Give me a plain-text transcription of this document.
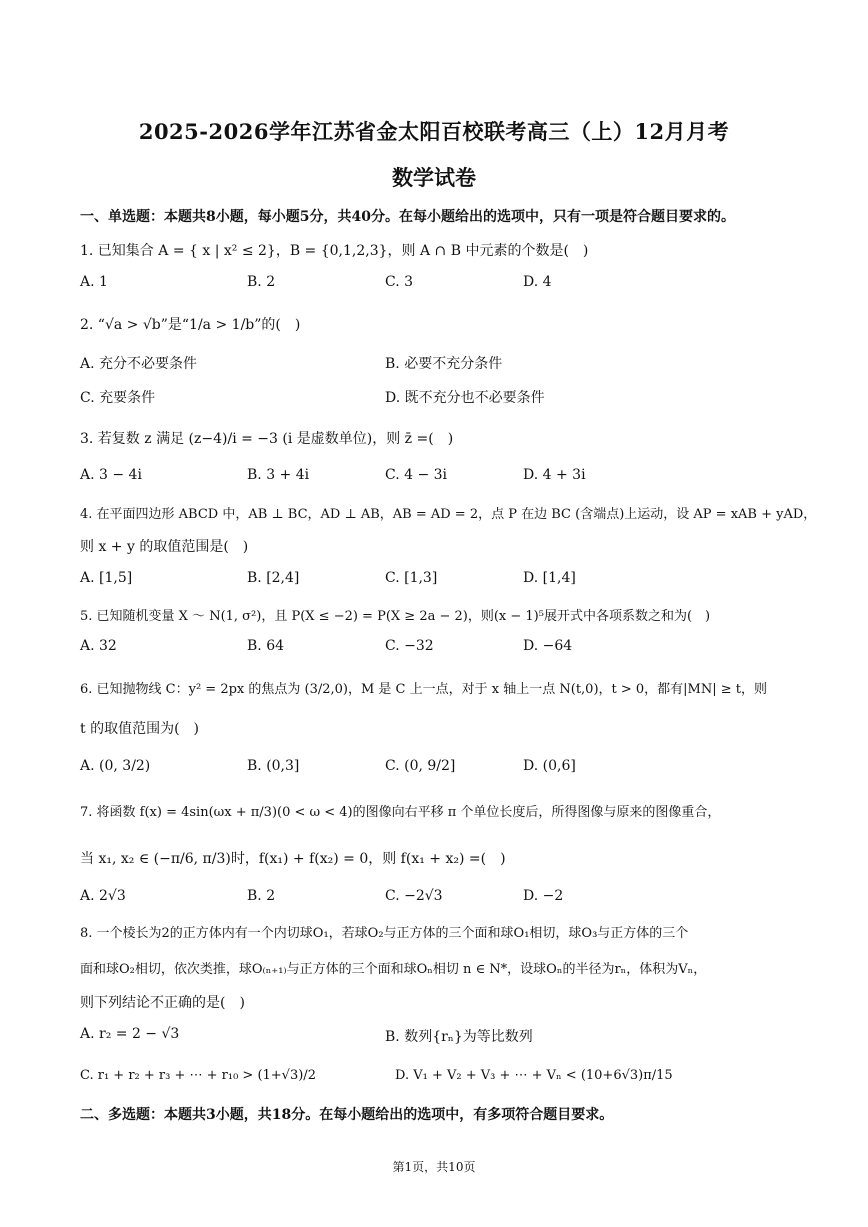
2025-2026学年江苏省金太阳百校联考高三（上）12月月考
数学试卷
一、单选题：本题共8小题，每小题5分，共40分。在每小题给出的选项中，只有一项是符合题目要求的。
1. 已知集合 A = { x | x² ≤ 2}，B = {0,1,2,3}，则 A ∩ B 中元素的个数是(　)
A. 1	B. 2	C. 3	D. 4
2. “√a > √b”是“1/a > 1/b”的(　)
A. 充分不必要条件	B. 必要不充分条件
C. 充要条件	D. 既不充分也不必要条件
3. 若复数 z 满足 (z−4)/i = −3 (i 是虚数单位)，则 z̄ =(　)
A. 3 − 4i	B. 3 + 4i	C. 4 − 3i	D. 4 + 3i
4. 在平面四边形 ABCD 中，AB ⊥ BC，AD ⊥ AB，AB = AD = 2，点 P 在边 BC (含端点)上运动，设 AP = xAB + yAD，
则 x + y 的取值范围是(　)
A. [1,5]	B. [2,4]	C. [1,3]	D. [1,4]
5. 已知随机变量 X ～ N(1, σ²)，且 P(X ≤ −2) = P(X ≥ 2a − 2)，则(x − 1)⁵展开式中各项系数之和为(　)
A. 32	B. 64	C. −32	D. −64
6. 已知抛物线 C：y² = 2px 的焦点为 (3/2,0)，M 是 C 上一点，对于 x 轴上一点 N(t,0)，t > 0，都有|MN| ≥ t，则
t 的取值范围为(　)
A. (0, 3/2)	B. (0,3]	C. (0, 9/2]	D. (0,6]
7. 将函数 f(x) = 4sin(ωx + π/3)(0 < ω < 4)的图像向右平移 π 个单位长度后，所得图像与原来的图像重合，
当 x₁, x₂ ∈ (−π/6, π/3)时，f(x₁) + f(x₂) = 0，则 f(x₁ + x₂) =(　)
A. 2√3	B. 2	C. −2√3	D. −2
8. 一个棱长为2的正方体内有一个内切球O₁，若球O₂与正方体的三个面和球O₁相切，球O₃与正方体的三个
面和球O₂相切，依次类推，球O₍ₙ₊₁₎与正方体的三个面和球Oₙ相切 n ∈ N*，设球Oₙ的半径为rₙ，体积为Vₙ，
则下列结论不正确的是(　)
A. r₂ = 2 − √3	B. 数列{rₙ}为等比数列
C. r₁ + r₂ + r₃ + ⋯ + r₁₀ > (1+√3)/2	D. V₁ + V₂ + V₃ + ⋯ + Vₙ < (10+6√3)π/15
二、多选题：本题共3小题，共18分。在每小题给出的选项中，有多项符合题目要求。
第1页，共10页
